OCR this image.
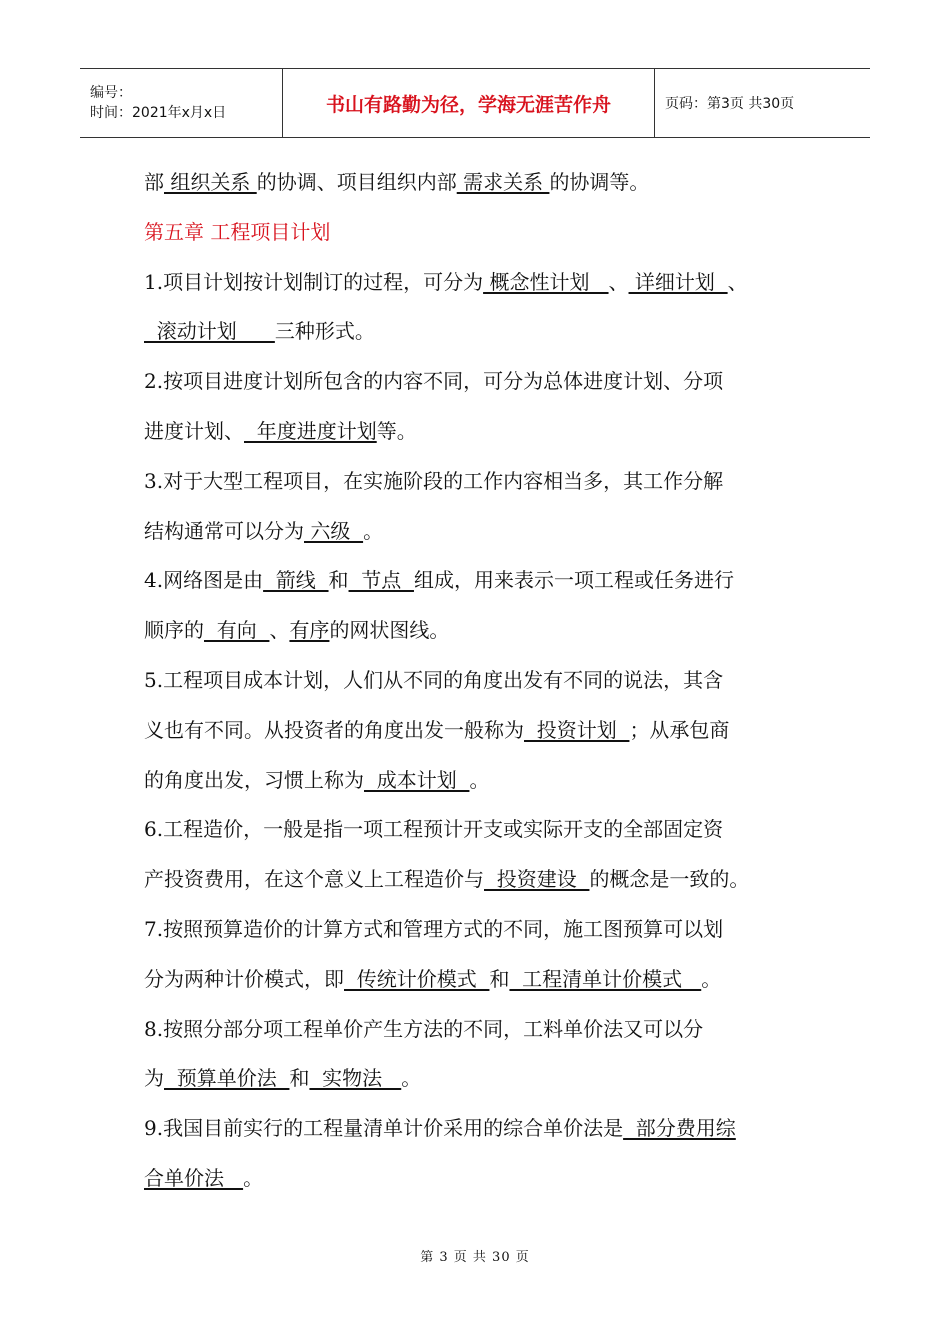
编号：
时间：2021年x月x日	书山有路勤为径，学海无涯苦作舟	页码：第3页 共30页

部 组织关系 的协调、项目组织内部 需求关系 的协调等。

第五章 工程项目计划

1.项目计划按计划制订的过程，可分为 概念性计划   、 详细计划  、

滚动计划      三种形式。

2.按项目进度计划所包含的内容不同，可分为总体进度计划、分项

进度计划、  年度进度计划等。

3.对于大型工程项目，在实施阶段的工作内容相当多，其工作分解

结构通常可以分为 六级  。

4.网络图是由  箭线  和  节点  组成，用来表示一项工程或任务进行

顺序的  有向  、有序的网状图线。

5.工程项目成本计划，人们从不同的角度出发有不同的说法，其含

义也有不同。从投资者的角度出发一般称为  投资计划  ；从承包商

的角度出发，习惯上称为  成本计划  。

6.工程造价，一般是指一项工程预计开支或实际开支的全部固定资

产投资费用，在这个意义上工程造价与  投资建设  的概念是一致的。

7.按照预算造价的计算方式和管理方式的不同，施工图预算可以划

分为两种计价模式，即  传统计价模式  和  工程清单计价模式   。

8.按照分部分项工程单价产生方法的不同，工料单价法又可以分

为  预算单价法  和  实物法   。

9.我国目前实行的工程量清单计价采用的综合单价法是  部分费用综

合单价法   。

第 3 页 共 30 页
